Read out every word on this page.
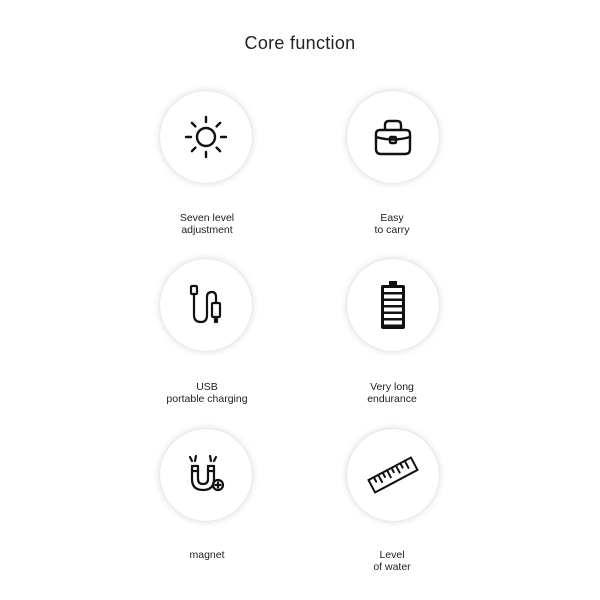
Core function
Seven level
adjustment
Easy
to carry
USB
portable charging
Very long
endurance
magnet	Level
of water
